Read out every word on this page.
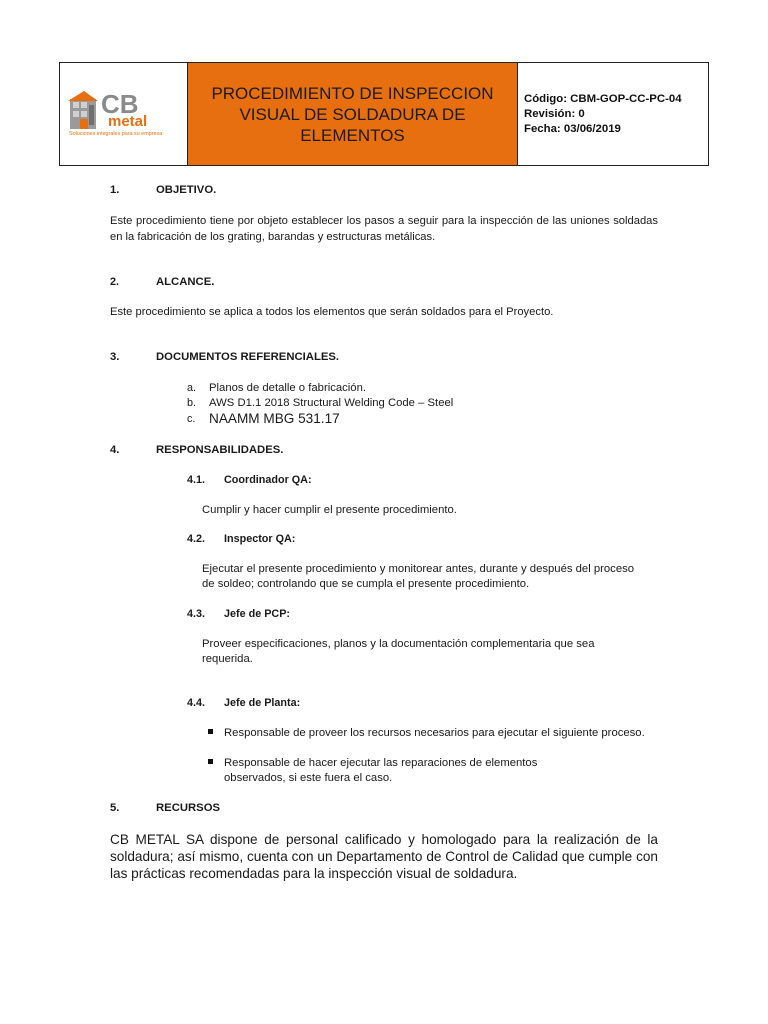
CB
metal
Soluciones integrales para su empresa
PROCEDIMIENTO DE INSPECCION VISUAL DE SOLDADURA DE ELEMENTOS
Código: CBM-GOP-CC-PC-04
Revisión: 0
Fecha: 03/06/2019
1.	OBJETIVO.
Este procedimiento tiene por objeto establecer los pasos a seguir para la inspección de las uniones soldadas en la fabricación de los grating, barandas y estructuras metálicas.
2.	ALCANCE.
Este procedimiento se aplica a todos los elementos que serán soldados para el Proyecto.
3.	DOCUMENTOS REFERENCIALES.
a. Planos de detalle o fabricación.
b. AWS D1.1 2018 Structural Welding Code – Steel
c. NAAMM MBG 531.17
4.	RESPONSABILIDADES.
4.1. Coordinador QA:
Cumplir y hacer cumplir el presente procedimiento.
4.2. Inspector QA:
Ejecutar el presente procedimiento y monitorear antes, durante y después del proceso
de soldeo; controlando que se cumpla el presente procedimiento.
4.3. Jefe de PCP:
Proveer especificaciones, planos y la documentación complementaria que sea
requerida.
4.4. Jefe de Planta:
Responsable de proveer los recursos necesarios para ejecutar el siguiente proceso.
Responsable de hacer ejecutar las reparaciones de elementos
observados, si este fuera el caso.
5.	RECURSOS
CB METAL SA dispone de personal calificado y homologado para la realización de la soldadura; así mismo, cuenta con un Departamento de Control de Calidad que cumple con las prácticas recomendadas para la inspección visual de soldadura.
